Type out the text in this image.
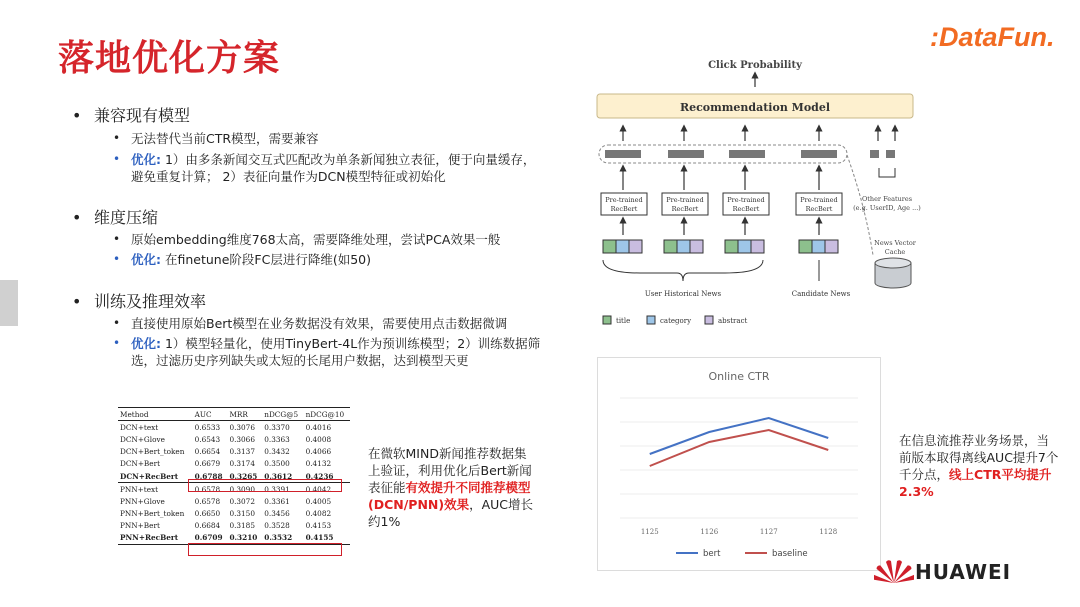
落地优化方案
:DataFun.
• 兼容现有模型
• 无法替代当前CTR模型，需要兼容
• 优化: 1）由多条新闻交互式匹配改为单条新闻独立表征，便于向量缓存，避免重复计算； 2）表征向量作为DCN模型特征或初始化
• 维度压缩
• 原始embedding维度768太高，需要降维处理，尝试PCA效果一般
• 优化: 在finetune阶段FC层进行降维(如50)
• 训练及推理效率
• 直接使用原始Bert模型在业务数据没有效果，需要使用点击数据微调
• 优化: 1）模型轻量化，使用TinyBert-4L作为预训练模型；2）训练数据筛选，过滤历史序列缺失或太短的长尾用户数据，达到模型天更
Method	AUC	MRR	nDCG@5	nDCG@10
DCN+text	0.6533	0.3076	0.3370	0.4016
DCN+Glove	0.6543	0.3066	0.3363	0.4008
DCN+Bert_token	0.6654	0.3137	0.3432	0.4066
DCN+Bert	0.6679	0.3174	0.3500	0.4132
DCN+RecBert	0.6788	0.3265	0.3612	0.4236
PNN+text	0.6578	0.3090	0.3391	0.4042
PNN+Glove	0.6578	0.3072	0.3361	0.4005
PNN+Bert_token	0.6650	0.3150	0.3456	0.4082
PNN+Bert	0.6684	0.3185	0.3528	0.4153
PNN+RecBert	0.6709	0.3210	0.3532	0.4155
在微软MIND新闻推荐数据集上验证，利用优化后Bert新闻表征能有效提升不同推荐模型(DCN/PNN)效果，AUC增长约1%
Click Probability
Recommendation Model
Other Features
(e.g. UserID, Age ...)
Pre-trained
RecBert
Pre-trained
RecBert
Pre-trained
RecBert
Pre-trained
RecBert
News Vector
Cache
User Historical News	Candidate News
title	category	abstract
Online CTR
1125	1126	1127	1128
bert	baseline
在信息流推荐业务场景，当前版本取得离线AUC提升7个千分点，线上CTR平均提升2.3%
HUAWEI
